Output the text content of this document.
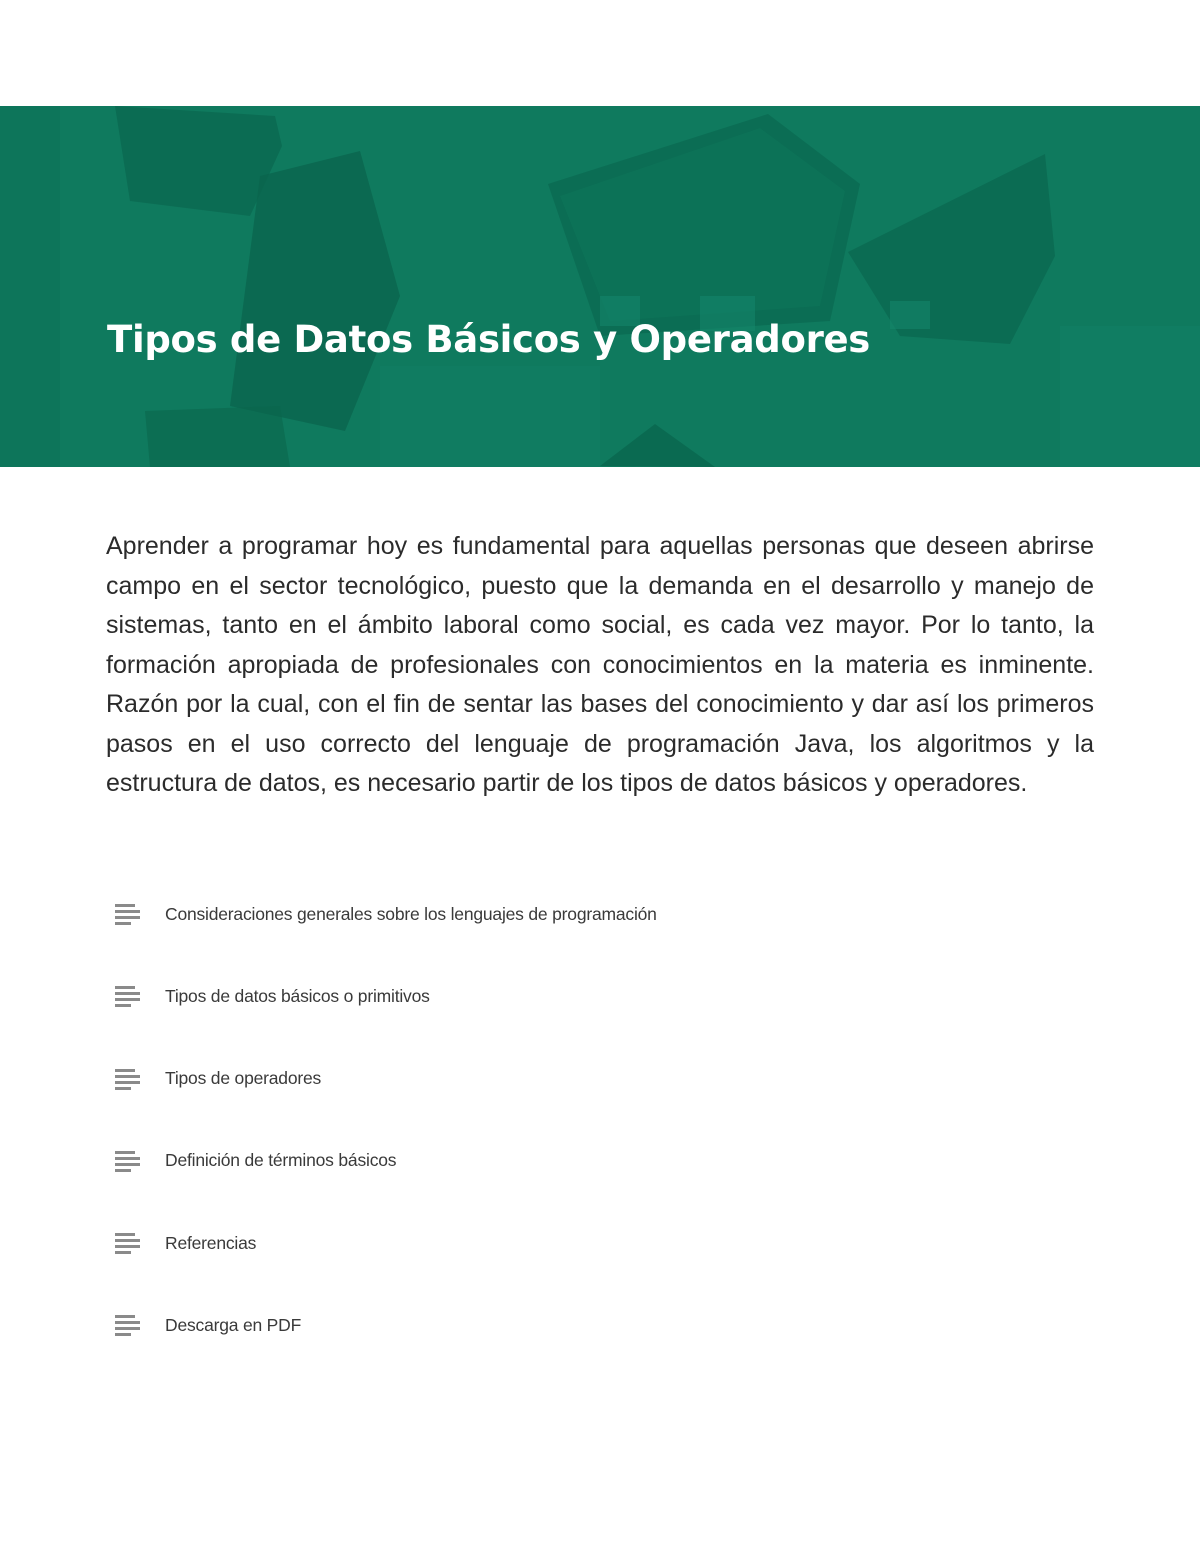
Tipos de Datos Básicos y Operadores

Aprender a programar hoy es fundamental para aquellas personas que deseen abrirse campo en el sector tecnológico, puesto que la demanda en el desarrollo y manejo de sistemas, tanto en el ámbito laboral como social, es cada vez mayor. Por lo tanto, la formación apropiada de profesionales con conocimientos en la materia es inminente. Razón por la cual, con el fin de sentar las bases del conocimiento y dar así los primeros pasos en el uso correcto del lenguaje de programación Java, los algoritmos y la estructura de datos, es necesario partir de los tipos de datos básicos y operadores.

Consideraciones generales sobre los lenguajes de programación
Tipos de datos básicos o primitivos
Tipos de operadores
Definición de términos básicos
Referencias
Descarga en PDF
